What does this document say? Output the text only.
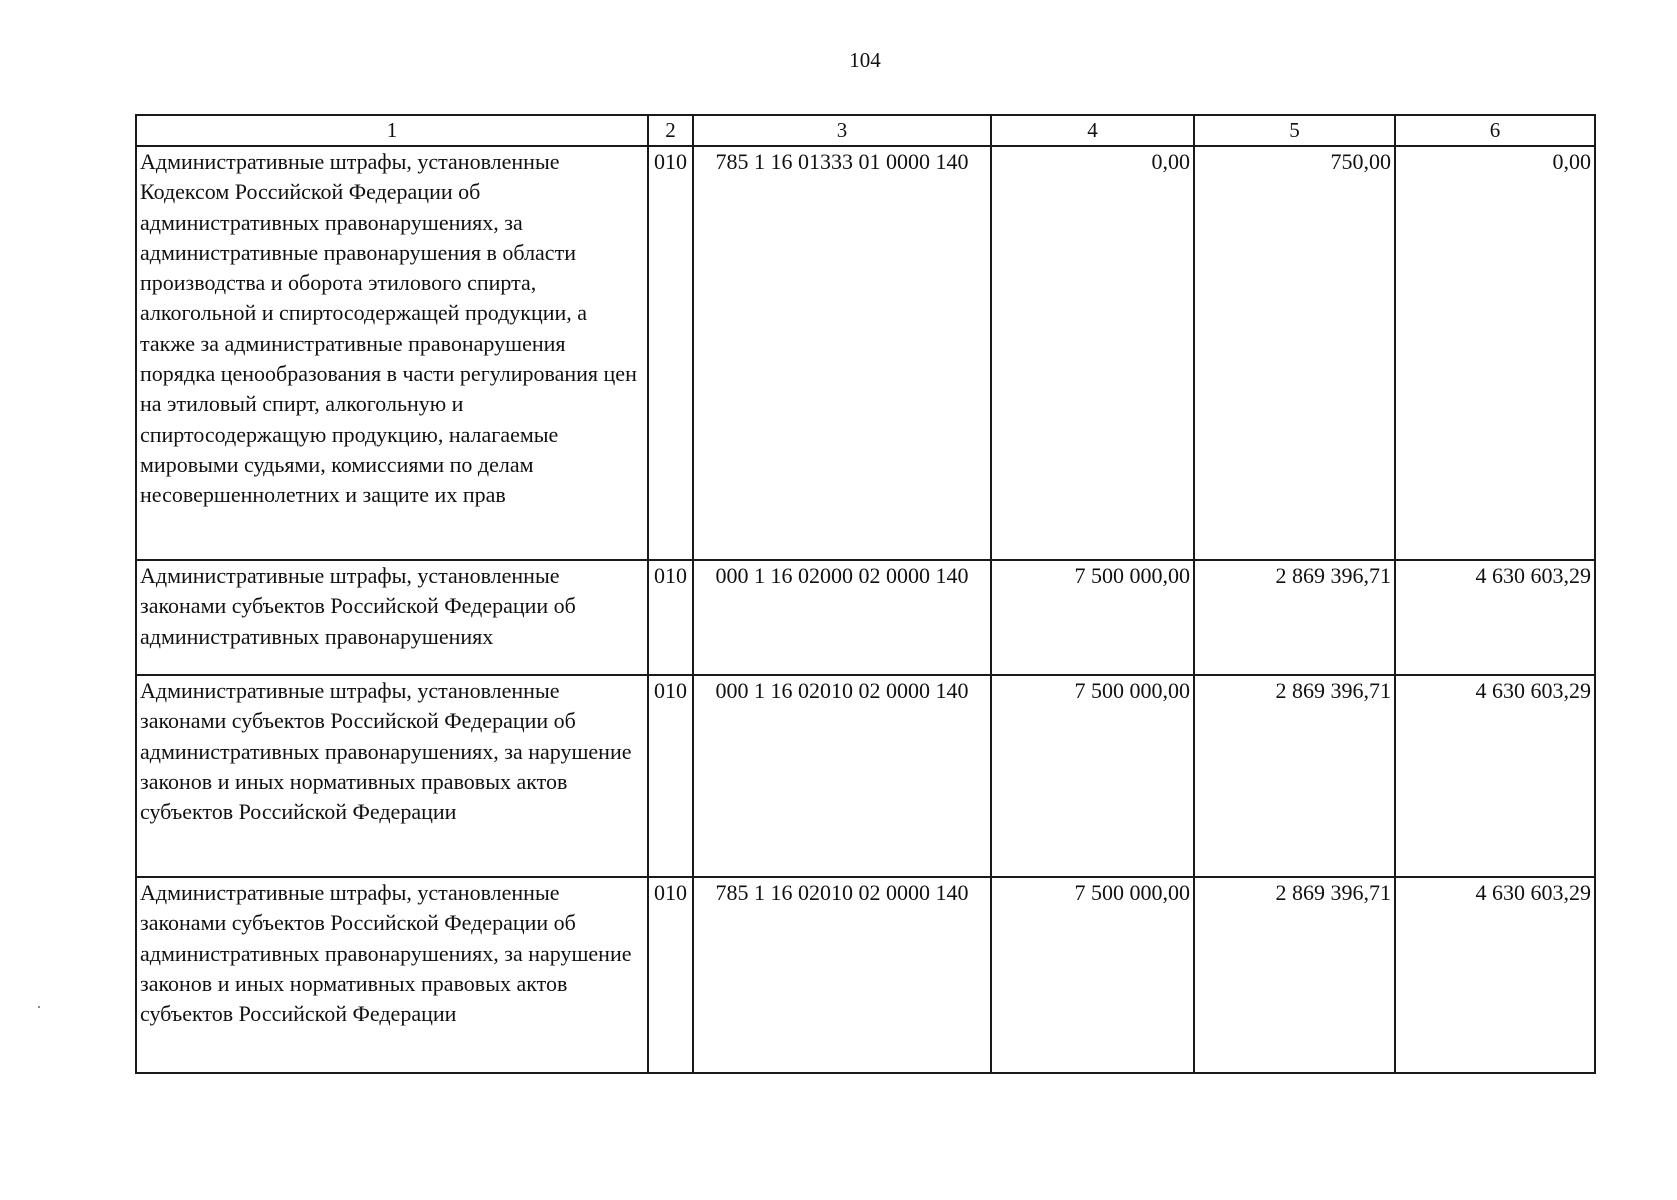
104
1	2	3	4	5	6

Административные штрафы, установленные Кодексом Российской Федерации об административных правонарушениях, за административные правонарушения в области производства и оборота этилового спирта, алкогольной и спиртосодержащей продукции, а также за административные правонарушения порядка ценообразования в части регулирования цен на этиловый спирт, алкогольную и спиртосодержащую продукцию, налагаемые мировыми судьями, комиссиями по делам несовершеннолетних и защите их прав	010	785 1 16 01333 01 0000 140	0,00	750,00	0,00

Административные штрафы, установленные законами субъектов Российской Федерации об административных правонарушениях	010	000 1 16 02000 02 0000 140	7 500 000,00	2 869 396,71	4 630 603,29

Административные штрафы, установленные законами субъектов Российской Федерации об административных правонарушениях, за нарушение законов и иных нормативных правовых актов субъектов Российской Федерации	010	000 1 16 02010 02 0000 140	7 500 000,00	2 869 396,71	4 630 603,29

Административные штрафы, установленные законами субъектов Российской Федерации об административных правонарушениях, за нарушение законов и иных нормативных правовых актов субъектов Российской Федерации	010	785 1 16 02010 02 0000 140	7 500 000,00	2 869 396,71	4 630 603,29
